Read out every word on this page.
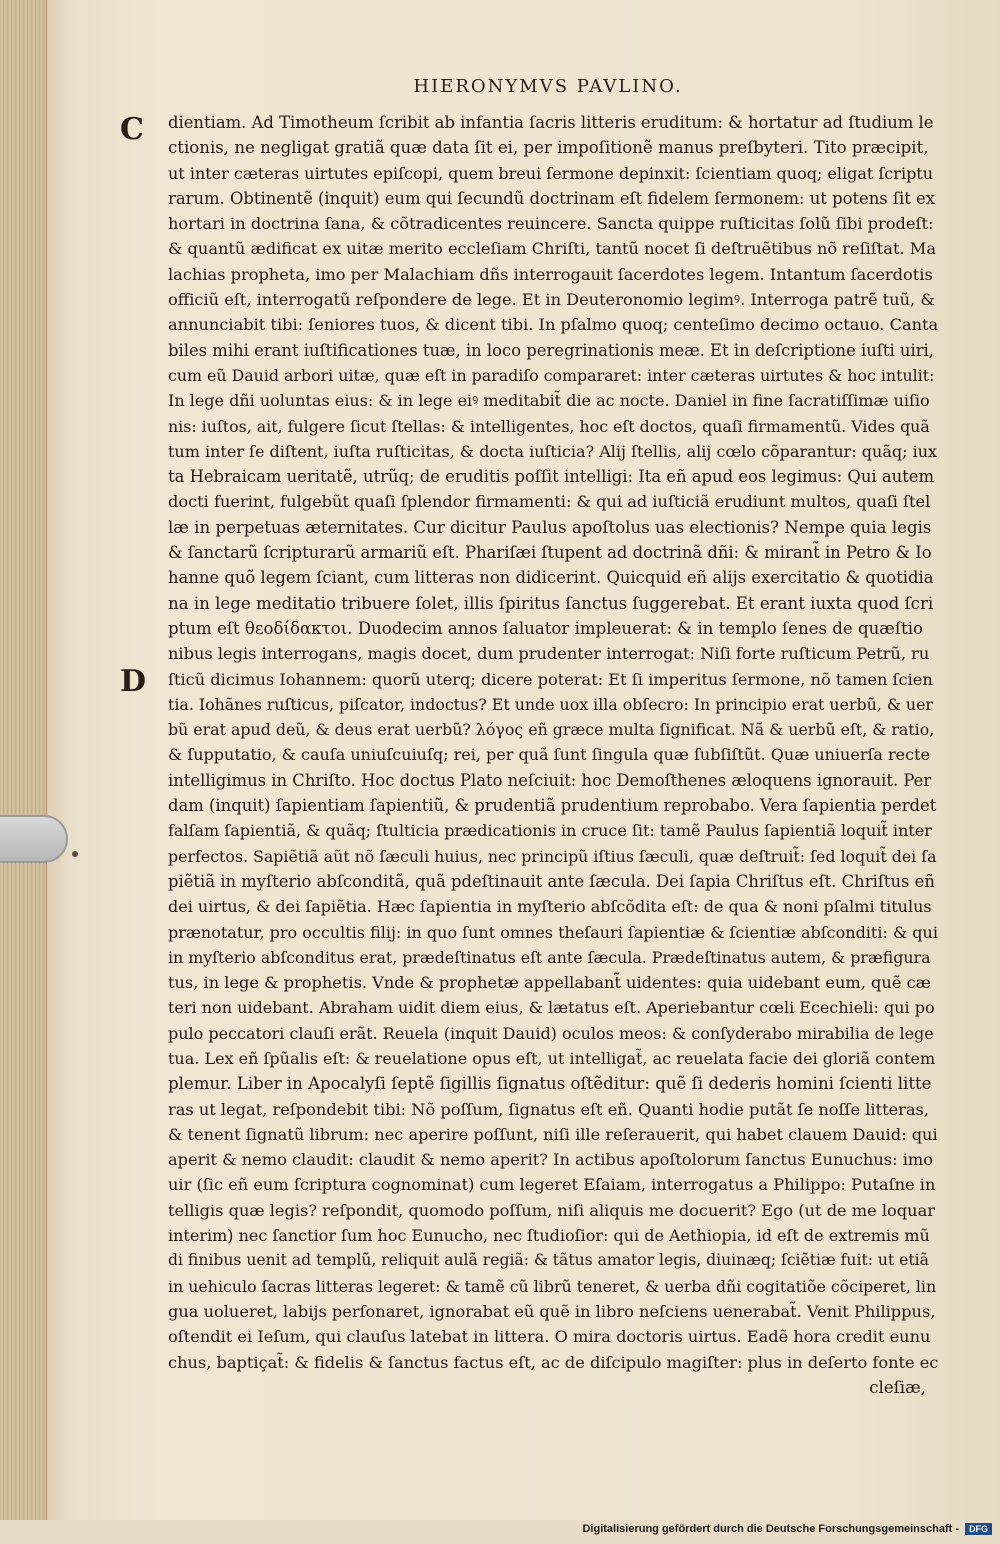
HIERONYMVS PAVLINO.
C
D
dientiam. Ad Timotheum ſcribit ab infantia ſacris litteris eruditum: & hortatur ad ſtudium le
ctionis, ne negligat gratiã quæ data ſit ei, per impoſitionẽ manus preſbyteri. Tito præcipit,
ut inter cæteras uirtutes epiſcopi, quem breui ſermone depinxit: ſcientiam quoq; eligat ſcriptu
rarum. Obtinentẽ (inquit) eum qui ſecundũ doctrinam eſt fidelem ſermonem: ut potens ſit ex
hortari in doctrina ſana, & cõtradicentes reuincere. Sancta quippe ruſticitas ſolũ ſibi prodeſt:
& quantũ ædificat ex uitæ merito eccleſiam Chriſti, tantũ nocet ſi deſtruẽtibus nõ reſiſtat. Ma
lachias propheta, imo per Malachiam dñs interrogauit ſacerdotes legem. Intantum ſacerdotis
officiũ eſt, interrogatũ reſpondere de lege. Et in Deuteronomio legimꝰ. Interroga patrẽ tuũ, &
annunciabit tibi: ſeniores tuos, & dicent tibi. In pſalmo quoq; centeſimo decimo octauo. Canta
biles mihi erant iuſtificationes tuæ, in loco peregrinationis meæ. Et in deſcriptione iuſti uiri,
cum eũ Dauid arbori uitæ, quæ eſt in paradiſo compararet: inter cæteras uirtutes & hoc intulit:
In lege dñi uoluntas eius: & in lege eiꝰ meditabit̃ die ac nocte. Daniel in fine ſacratiſſimæ uiſio
nis: iuſtos, ait, fulgere ſicut ſtellas: & intelligentes, hoc eſt doctos, quaſi firmamentũ. Vides quã
tum inter ſe diſtent, iuſta ruſticitas, & docta iuſticia? Alij ſtellis, alij cœlo cõparantur: quãq; iux
ta Hebraicam ueritatẽ, utrũq; de eruditis poſſit intelligi: Ita eñ apud eos legimus: Qui autem
docti fuerint, fulgebũt quaſi ſplendor firmamenti: & qui ad iuſticiã erudiunt multos, quaſi ſtel
læ in perpetuas æternitates. Cur dicitur Paulus apoſtolus uas electionis? Nempe quia legis
& ſanctarũ ſcripturarũ armariũ eſt. Phariſæi ſtupent ad doctrinã dñi: & mirant̃ in Petro & Io
hanne quõ legem ſciant, cum litteras non didicerint. Quicquid eñ alijs exercitatio & quotidia
na in lege meditatio tribuere ſolet, illis ſpiritus ſanctus ſuggerebat. Et erant iuxta quod ſcri
ptum eſt θεοδίδακτοι. Duodecim annos ſaluator impleuerat: & in templo ſenes de quæſtio
nibus legis interrogans, magis docet, dum prudenter interrogat: Niſi forte ruſticum Petrũ, ru
ſticũ dicimus Iohannem: quorũ uterq; dicere poterat: Et ſi imperitus ſermone, nõ tamen ſcien
tia. Iohãnes ruſticus, piſcator, indoctus? Et unde uox illa obſecro: In principio erat uerbũ, & uer
bũ erat apud deũ, & deus erat uerbũ? λόγος eñ græce multa ſignificat. Nã & uerbũ eſt, & ratio,
& ſupputatio, & cauſa uniuſcuiuſq; rei, per quã ſunt ſingula quæ ſubſiſtũt. Quæ uniuerſa recte
intelligimus in Chriſto. Hoc doctus Plato neſciuit: hoc Demoſthenes æloquens ignorauit. Per
dam (inquit) ſapientiam ſapientiũ, & prudentiã prudentium reprobabo. Vera ſapientia perdet
falſam ſapientiã, & quãq; ſtulticia prædicationis in cruce ſit: tamẽ Paulus ſapientiã loquit̃ inter
perfectos. Sapiẽtiã aũt nõ ſæculi huius, nec principũ iſtius ſæculi, quæ deſtruit̃: ſed loquit̃ dei ſa
piẽtiã in myſterio abſconditã, quã pdeſtinauit ante ſæcula. Dei ſapia Chriſtus eſt. Chriſtus eñ
dei uirtus, & dei ſapiẽtia. Hæc ſapientia in myſterio abſcõdita eſt: de qua & noni pſalmi titulus
prænotatur, pro occultis filij: in quo ſunt omnes theſauri ſapientiæ & ſcientiæ abſconditi: & qui
in myſterio abſconditus erat, prædeſtinatus eſt ante ſæcula. Prædeſtinatus autem, & præfigura
tus, in lege & prophetis. Vnde & prophetæ appellabant̃ uidentes: quia uidebant eum, quẽ cæ
teri non uidebant. Abraham uidit diem eius, & lætatus eſt. Aperiebantur cœli Ecechieli: qui po
pulo peccatori clauſi erãt. Reuela (inquit Dauid) oculos meos: & conſyderabo mirabilia de lege
tua. Lex eñ ſpũalis eſt: & reuelatione opus eſt, ut intelligat̃, ac reuelata facie dei gloriã contem
plemur. Liber in Apocalyſi ſeptẽ ſigillis ſignatus oſtẽditur: quẽ ſi dederis homini ſcienti litte
ras ut legat, reſpondebit tibi: Nõ poſſum, ſignatus eſt eñ. Quanti hodie putãt ſe noſſe litteras,
& tenent ſignatũ librum: nec aperire poſſunt, niſi ille reſerauerit, qui habet clauem Dauid: qui
aperit & nemo claudit: claudit & nemo aperit? In actibus apoſtolorum ſanctus Eunuchus: imo
uir (ſic eñ eum ſcriptura cognominat) cum legeret Eſaiam, interrogatus a Philippo: Putaſne in
telligis quæ legis? reſpondit, quomodo poſſum, niſi aliquis me docuerit? Ego (ut de me loquar
interim) nec ſanctior ſum hoc Eunucho, nec ſtudioſior: qui de Aethiopia, id eſt de extremis mũ
di finibus uenit ad templũ, reliquit aulã regiã: & tãtus amator legis, diuinæq; ſciẽtiæ fuit: ut etiã
in uehiculo ſacras litteras legeret: & tamẽ cũ librũ teneret, & uerba dñi cogitatiõe cõciperet, lin
gua uolueret, labijs perſonaret, ignorabat eũ quẽ in libro neſciens uenerabat̃. Venit Philippus,
oſtendit ei Ieſum, qui clauſus latebat in littera. O mira doctoris uirtus. Eadẽ hora credit eunu
chus, baptiçat̃: & fidelis & ſanctus factus eſt, ac de diſcipulo magiſter: plus in deſerto fonte ec
cleſiæ,
Digitalisierung gefördert durch die Deutsche Forschungsgemeinschaft -	DFG
